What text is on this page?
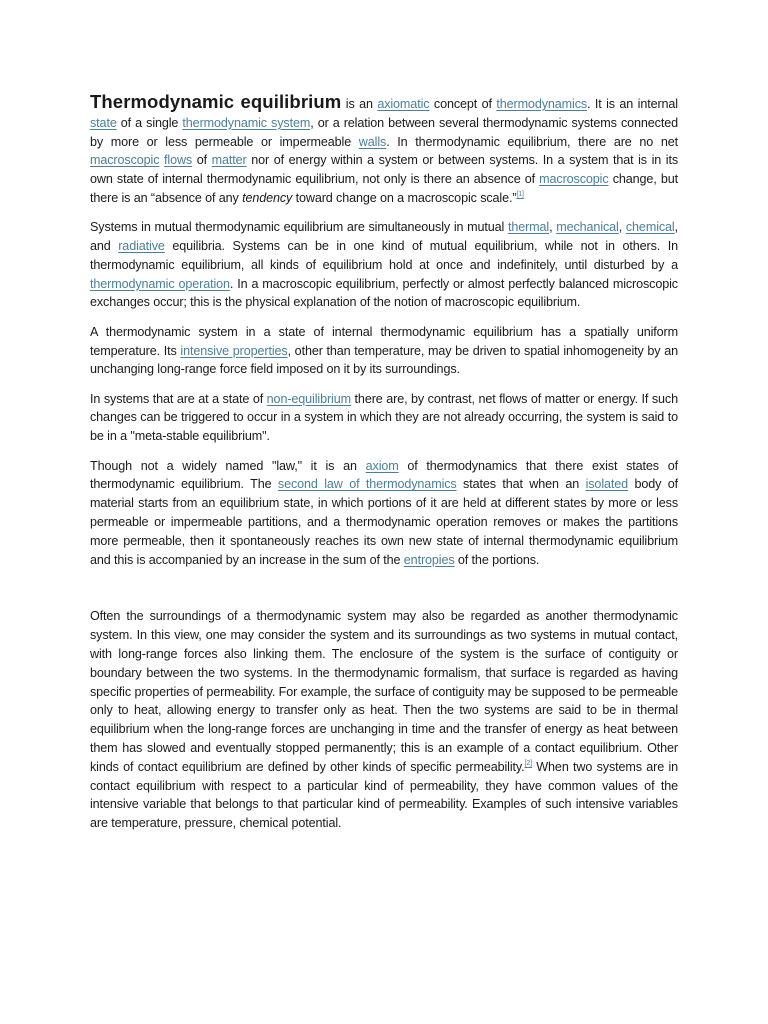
Thermodynamic equilibrium is an axiomatic concept of thermodynamics. It is an internal state of a single thermodynamic system, or a relation between several thermodynamic systems connected by more or less permeable or impermeable walls. In thermodynamic equilibrium, there are no net macroscopic flows of matter nor of energy within a system or between systems. In a system that is in its own state of internal thermodynamic equilibrium, not only is there an absence of macroscopic change, but there is an “absence of any tendency toward change on a macroscopic scale.”[1]

Systems in mutual thermodynamic equilibrium are simultaneously in mutual thermal, mechanical, chemical, and radiative equilibria. Systems can be in one kind of mutual equilibrium, while not in others. In thermodynamic equilibrium, all kinds of equilibrium hold at once and indefinitely, until disturbed by a thermodynamic operation. In a macroscopic equilibrium, perfectly or almost perfectly balanced microscopic exchanges occur; this is the physical explanation of the notion of macroscopic equilibrium.

A thermodynamic system in a state of internal thermodynamic equilibrium has a spatially uniform temperature. Its intensive properties, other than temperature, may be driven to spatial inhomogeneity by an unchanging long-range force field imposed on it by its surroundings.

In systems that are at a state of non-equilibrium there are, by contrast, net flows of matter or energy. If such changes can be triggered to occur in a system in which they are not already occurring, the system is said to be in a "meta-stable equilibrium".

Though not a widely named "law," it is an axiom of thermodynamics that there exist states of thermodynamic equilibrium. The second law of thermodynamics states that when an isolated body of material starts from an equilibrium state, in which portions of it are held at different states by more or less permeable or impermeable partitions, and a thermodynamic operation removes or makes the partitions more permeable, then it spontaneously reaches its own new state of internal thermodynamic equilibrium and this is accompanied by an increase in the sum of the entropies of the portions.

Often the surroundings of a thermodynamic system may also be regarded as another thermodynamic system. In this view, one may consider the system and its surroundings as two systems in mutual contact, with long-range forces also linking them. The enclosure of the system is the surface of contiguity or boundary between the two systems. In the thermodynamic formalism, that surface is regarded as having specific properties of permeability. For example, the surface of contiguity may be supposed to be permeable only to heat, allowing energy to transfer only as heat. Then the two systems are said to be in thermal equilibrium when the long-range forces are unchanging in time and the transfer of energy as heat between them has slowed and eventually stopped permanently; this is an example of a contact equilibrium. Other kinds of contact equilibrium are defined by other kinds of specific permeability.[2] When two systems are in contact equilibrium with respect to a particular kind of permeability, they have common values of the intensive variable that belongs to that particular kind of permeability. Examples of such intensive variables are temperature, pressure, chemical potential.
